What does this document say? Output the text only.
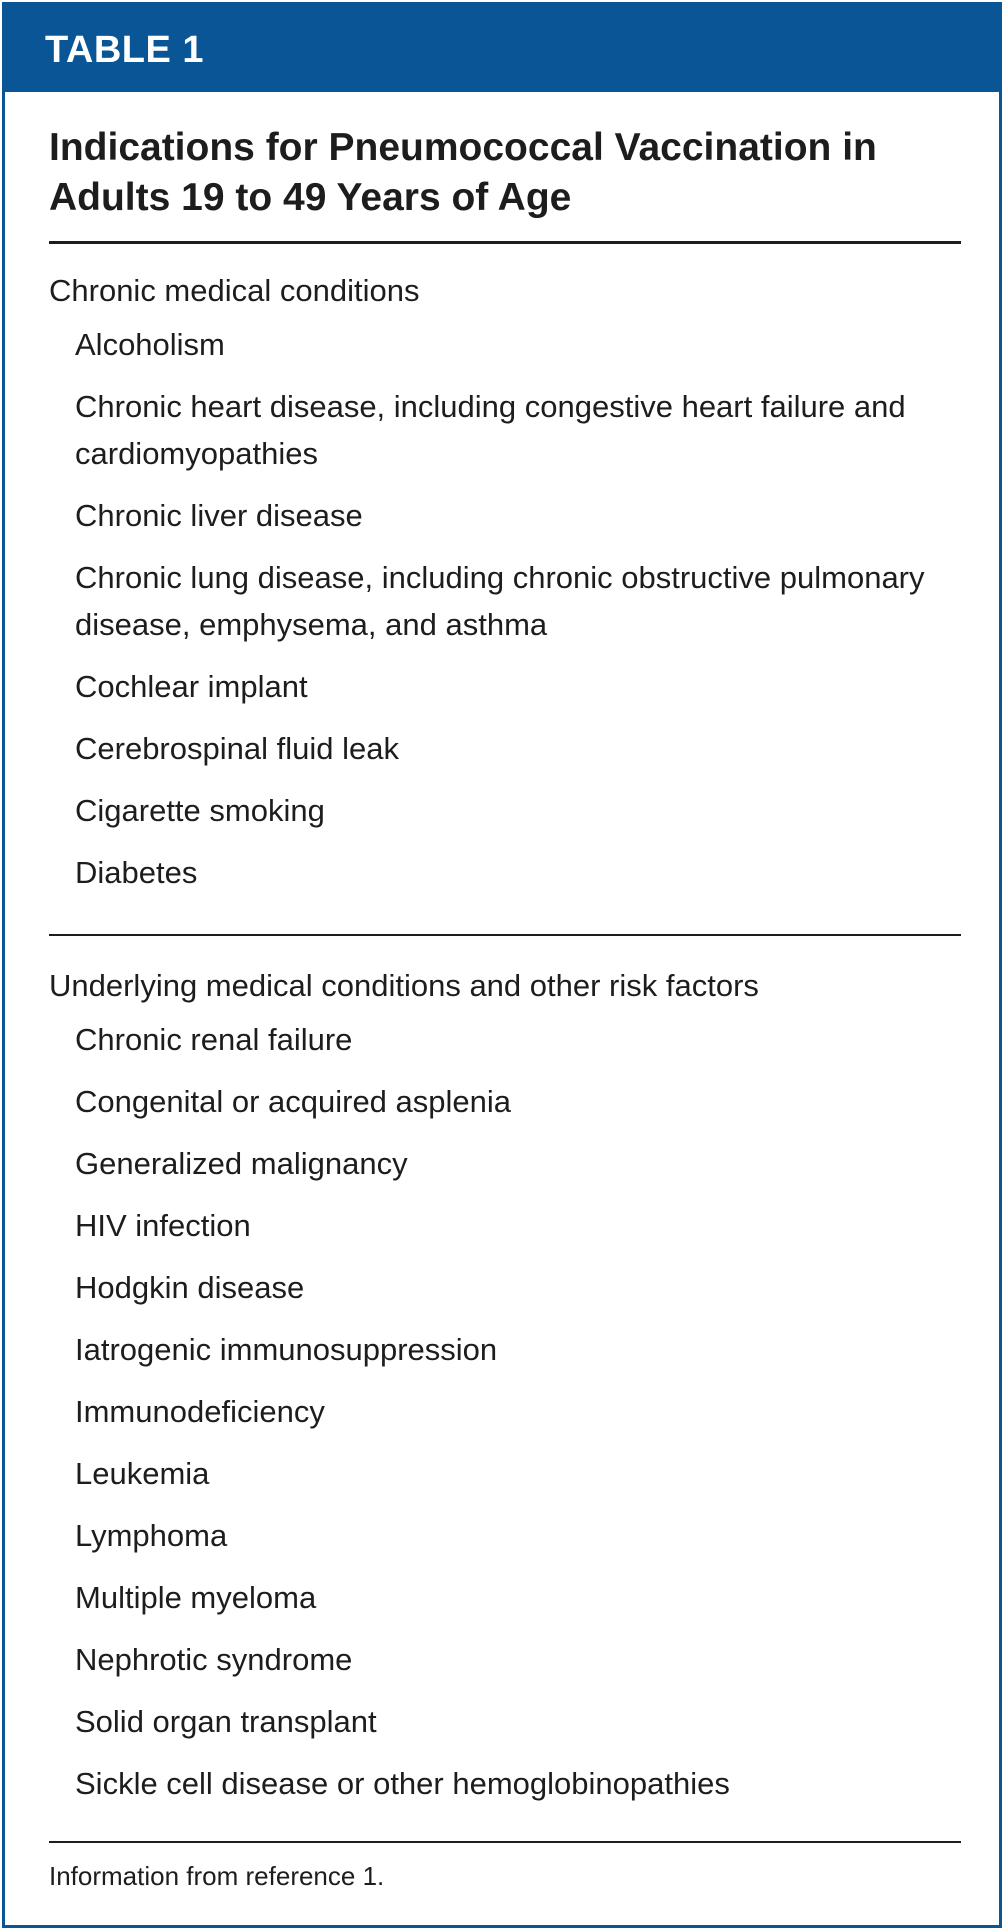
TABLE 1
Indications for Pneumococcal Vaccination in Adults 19 to 49 Years of Age
Chronic medical conditions
Alcoholism
Chronic heart disease, including congestive heart failure and cardiomyopathies
Chronic liver disease
Chronic lung disease, including chronic obstructive pulmonary disease, emphysema, and asthma
Cochlear implant
Cerebrospinal fluid leak
Cigarette smoking
Diabetes
Underlying medical conditions and other risk factors
Chronic renal failure
Congenital or acquired asplenia
Generalized malignancy
HIV infection
Hodgkin disease
Iatrogenic immunosuppression
Immunodeficiency
Leukemia
Lymphoma
Multiple myeloma
Nephrotic syndrome
Solid organ transplant
Sickle cell disease or other hemoglobinopathies
Information from reference 1.
